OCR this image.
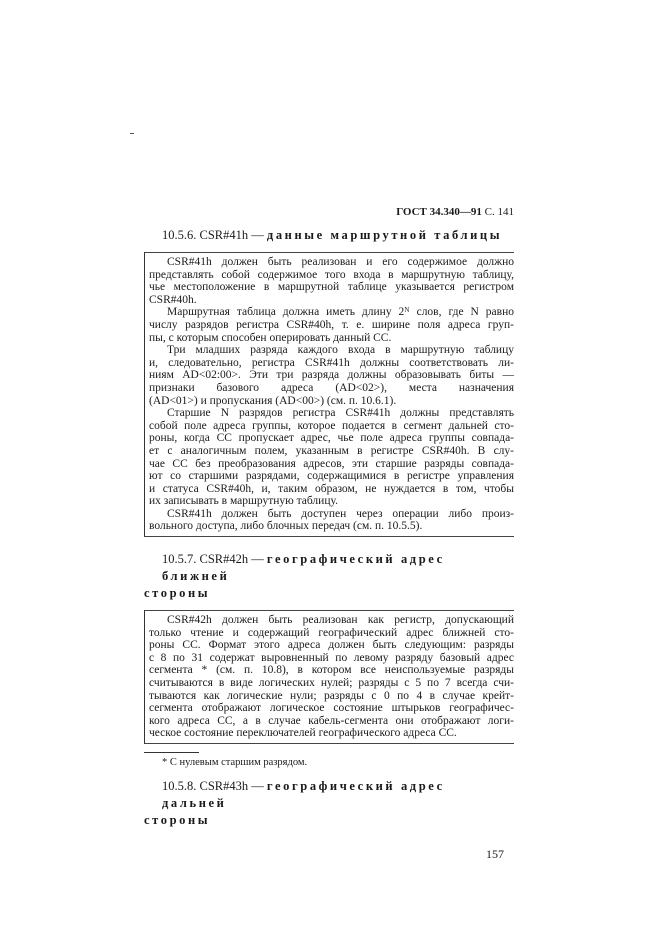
ГОСТ 34.340—91 С. 141
10.5.6. CSR#41h — данные маршрутной таблицы
CSR#41h должен быть реализован и его содержимое должно
представлять собой содержимое того входа в маршрутную таблицу,
чье местоположение в маршрутной таблице указывается регистром
CSR#40h.
Маршрутная таблица должна иметь длину 2ᴺ слов, где N равно
числу разрядов регистра CSR#40h, т. е. ширине поля адреса груп-
пы, с которым способен оперировать данный СС.
Три младших разряда каждого входа в маршрутную таблицу
и, следовательно, регистра CSR#41h должны соответствовать ли-
ниям AD<02:00>. Эти три разряда должны образовывать биты —
признаки базового адреса (AD<02>), места назначения
(AD<01>) и пропускания (AD<00>) (см. п. 10.6.1).
Старшие N разрядов регистра CSR#41h должны представлять
собой поле адреса группы, которое подается в сегмент дальней сто-
роны, когда СС пропускает адрес, чье поле адреса группы совпада-
ет с аналогичным полем, указанным в регистре CSR#40h. В слу-
чае СС без преобразования адресов, эти старшие разряды совпада-
ют со старшими разрядами, содержащимися в регистре управления
и статуса CSR#40h, и, таким образом, не нуждается в том, чтобы
их записывать в маршрутную таблицу.
CSR#41h должен быть доступен через операции либо произ-
вольного доступа, либо блочных передач (см. п. 10.5.5).
10.5.7. CSR#42h — географический адрес ближней
стороны
CSR#42h должен быть реализован как регистр, допускающий
только чтение и содержащий географический адрес ближней сто-
роны СС. Формат этого адреса должен быть следующим: разряды
с 8 по 31 содержат выровненный по левому разряду базовый адрес
сегмента * (см. п. 10.8), в котором все неиспользуемые разряды
считываются в виде логических нулей; разряды с 5 по 7 всегда счи-
тываются как логические нули; разряды с 0 по 4 в случае крейт-
сегмента отображают логическое состояние штырьков географичес-
кого адреса СС, а в случае кабель-сегмента они отображают логи-
ческое состояние переключателей географического адреса СС.
* С нулевым старшим разрядом.
10.5.8. CSR#43h — географический адрес дальней
стороны
157
